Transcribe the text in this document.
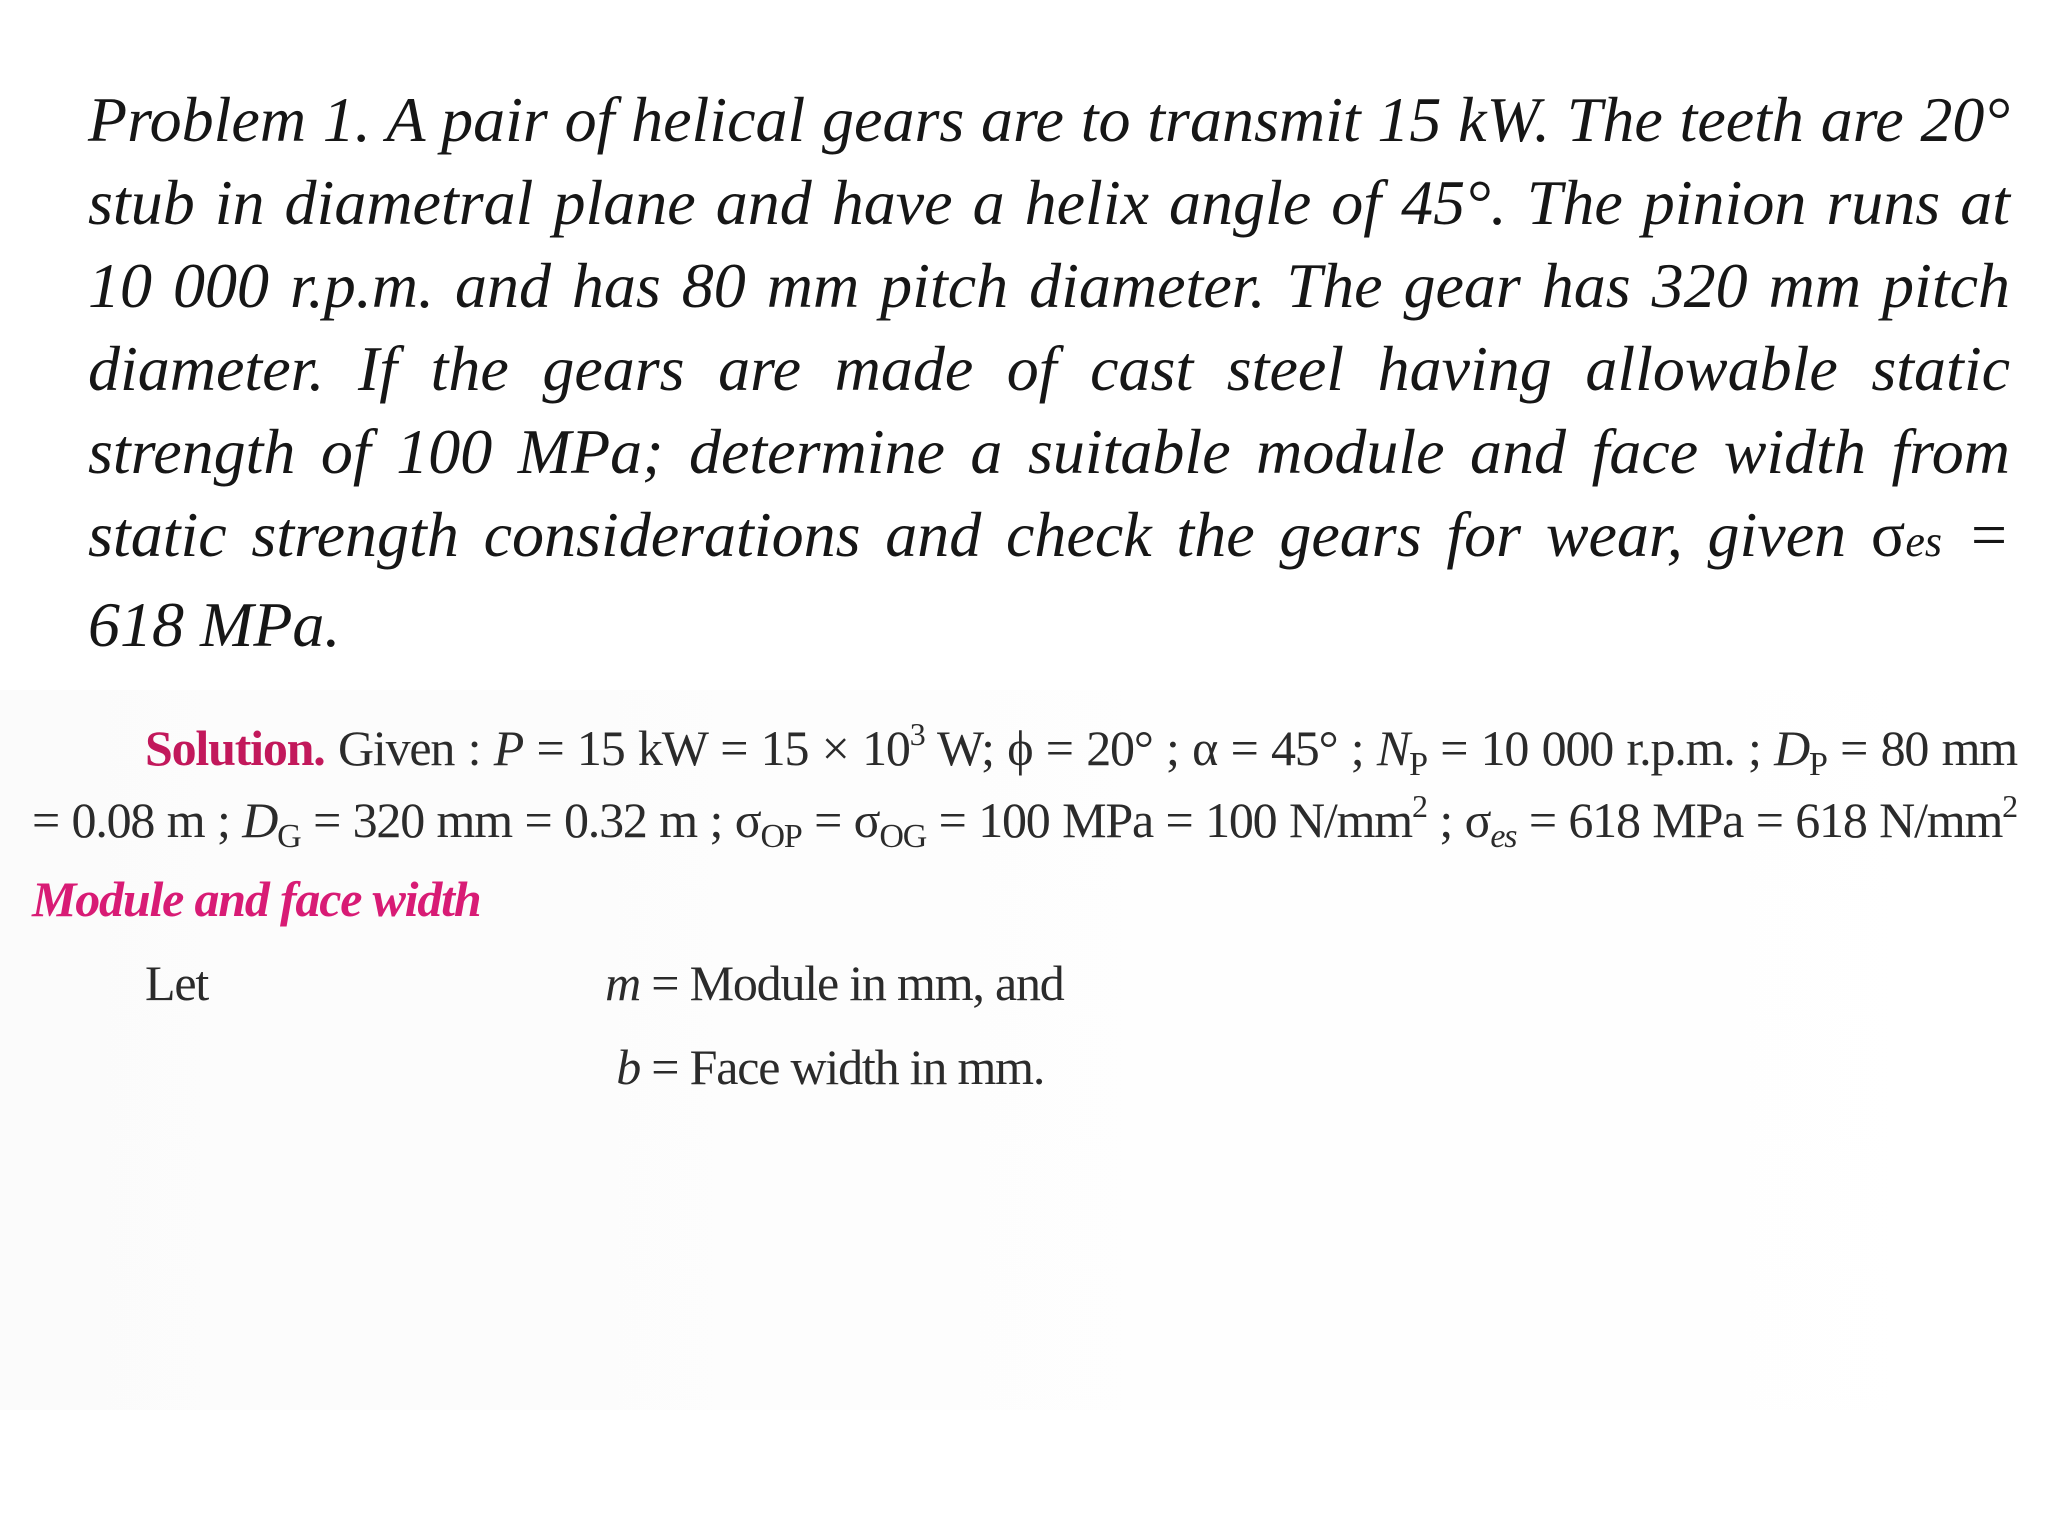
Problem 1. A pair of helical gears are to transmit 15 kW. The teeth are 20° stub in diametral plane and have a helix angle of 45°. The pinion runs at 10 000 r.p.m. and has 80 mm pitch diameter. The gear has 320 mm pitch diameter. If the gears are made of cast steel having allowable static strength of 100 MPa; determine a suitable module and face width from static strength considerations and check the gears for wear, given σes = 618 MPa.
Solution. Given : P = 15 kW = $15 \times 10^3$ W; ϕ = 20° ; α = 45° ; $N_P = 10$ 000 r.p.m. ; $D_P = 80$ mm
= 0.08 m ; $D_G = 320$ mm = 0.32 m ; $\sigma_{OP} = \sigma_{OG} = 100$ MPa = 100 $N/mm^2$ ; $\sigma_{es} = 618$ MPa = 618 $N/mm^2$
Module and face width
Let	m = Module in mm, and
b = Face width in mm.
